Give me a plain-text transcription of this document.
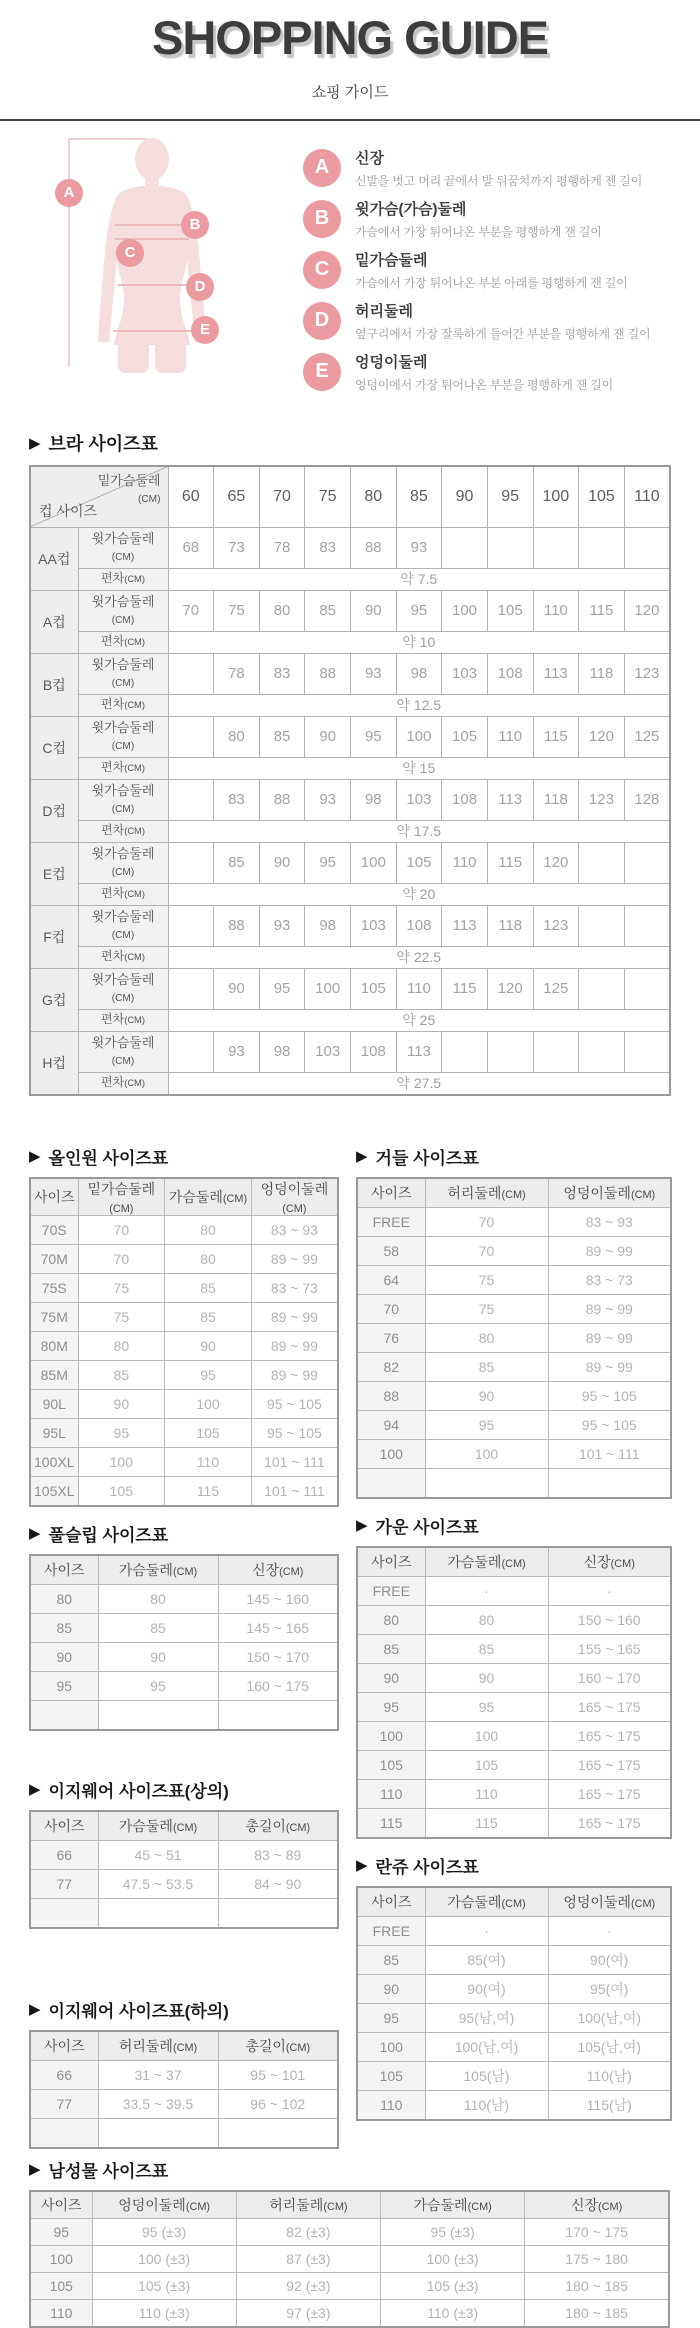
SHOPPING GUIDE
쇼핑 가이드
A
B
C
D
E
A	신장
신발을 벗고 머리 끝에서 발 뒤꿈치까지 평행하게 잰 길이
B	윗가슴(가슴)둘레
가슴에서 가장 튀어나온 부분을 평행하게 잰 길이
C	밑가슴둘레
가슴에서 가장 튀어나온 부분 아래를 평행하게 잰 길이
D	허리둘레
옆구리에서 가장 잘록하게 들어간 부분을 평행하게 잰 길이
E	엉덩이둘레
엉덩이에서 가장 튀어나온 부분을 평행하게 잰 길이
▶ 브라 사이즈표
밑가슴둘레
(CM)
컵 사이즈		60	65	70	75	80	85	90	95	100	105	110
AA컵	윗가슴둘레
(CM)	68	73	78	83	88	93					
	편차(CM)	약 7.5										
A컵	윗가슴둘레
(CM)	70	75	80	85	90	95	100	105	110	115	120
	편차(CM)	약 10										
B컵	윗가슴둘레
(CM)		78	83	88	93	98	103	108	113	118	123
	편차(CM)	약 12.5										
C컵	윗가슴둘레
(CM)		80	85	90	95	100	105	110	115	120	125
	편차(CM)	약 15										
D컵	윗가슴둘레
(CM)		83	88	93	98	103	108	113	118	123	128
	편차(CM)	약 17.5										
E컵	윗가슴둘레
(CM)		85	90	95	100	105	110	115	120		
	편차(CM)	약 20										
F컵	윗가슴둘레
(CM)		88	93	98	103	108	113	118	123		
	편차(CM)	약 22.5										
G컵	윗가슴둘레
(CM)		90	95	100	105	110	115	120	125		
	편차(CM)	약 25										
H컵	윗가슴둘레
(CM)		93	98	103	108	113					
	편차(CM)	약 27.5										
▶ 올인원 사이즈표
사이즈	밑가슴둘레(CM)	가슴둘레(CM)	엉덩이둘레(CM)
70S	70	80	83 ~ 93
70M	70	80	89 ~ 99
75S	75	85	83 ~ 73
75M	75	85	89 ~ 99
80M	80	90	89 ~ 99
85M	85	95	89 ~ 99
90L	90	100	95 ~ 105
95L	95	105	95 ~ 105
100XL	100	110	101 ~ 111
105XL	105	115	101 ~ 111
▶ 풀슬립 사이즈표
사이즈	가슴둘레(CM)	신장(CM)
80	80	145 ~ 160
85	85	145 ~ 165
90	90	150 ~ 170
95	95	160 ~ 175

▶ 이지웨어 사이즈표(상의)
사이즈	가슴둘레(CM)	총길이(CM)
66	45 ~ 51	83 ~ 89
77	47.5 ~ 53.5	84 ~ 90

▶ 이지웨어 사이즈표(하의)
사이즈	허리둘레(CM)	총길이(CM)
66	31 ~ 37	95 ~ 101
77	33.5 ~ 39.5	96 ~ 102

▶ 거들 사이즈표
사이즈	허리둘레(CM)	엉덩이둘레(CM)
FREE	70	83 ~ 93
58	70	89 ~ 99
64	75	83 ~ 73
70	75	89 ~ 99
76	80	89 ~ 99
82	85	89 ~ 99
88	90	95 ~ 105
94	95	95 ~ 105
100	100	101 ~ 111

▶ 가운 사이즈표
사이즈	가슴둘레(CM)	신장(CM)
FREE	·	·
80	80	150 ~ 160
85	85	155 ~ 165
90	90	160 ~ 170
95	95	165 ~ 175
100	100	165 ~ 175
105	105	165 ~ 175
110	110	165 ~ 175
115	115	165 ~ 175
▶ 란쥬 사이즈표
사이즈	가슴둘레(CM)	엉덩이둘레(CM)
FREE	·	·
85	85(여)	90(여)
90	90(여)	95(여)
95	95(남,여)	100(남,여)
100	100(남,여)	105(남,여)
105	105(남)	110(남)
110	110(남)	115(남)
▶ 남성물 사이즈표
사이즈	엉덩이둘레(CM)	허리둘레(CM)	가슴둘레(CM)	신장(CM)
95	95 (±3)	82 (±3)	95 (±3)	170 ~ 175
100	100 (±3)	87 (±3)	100 (±3)	175 ~ 180
105	105 (±3)	92 (±3)	105 (±3)	180 ~ 185
110	110 (±3)	97 (±3)	110 (±3)	180 ~ 185
